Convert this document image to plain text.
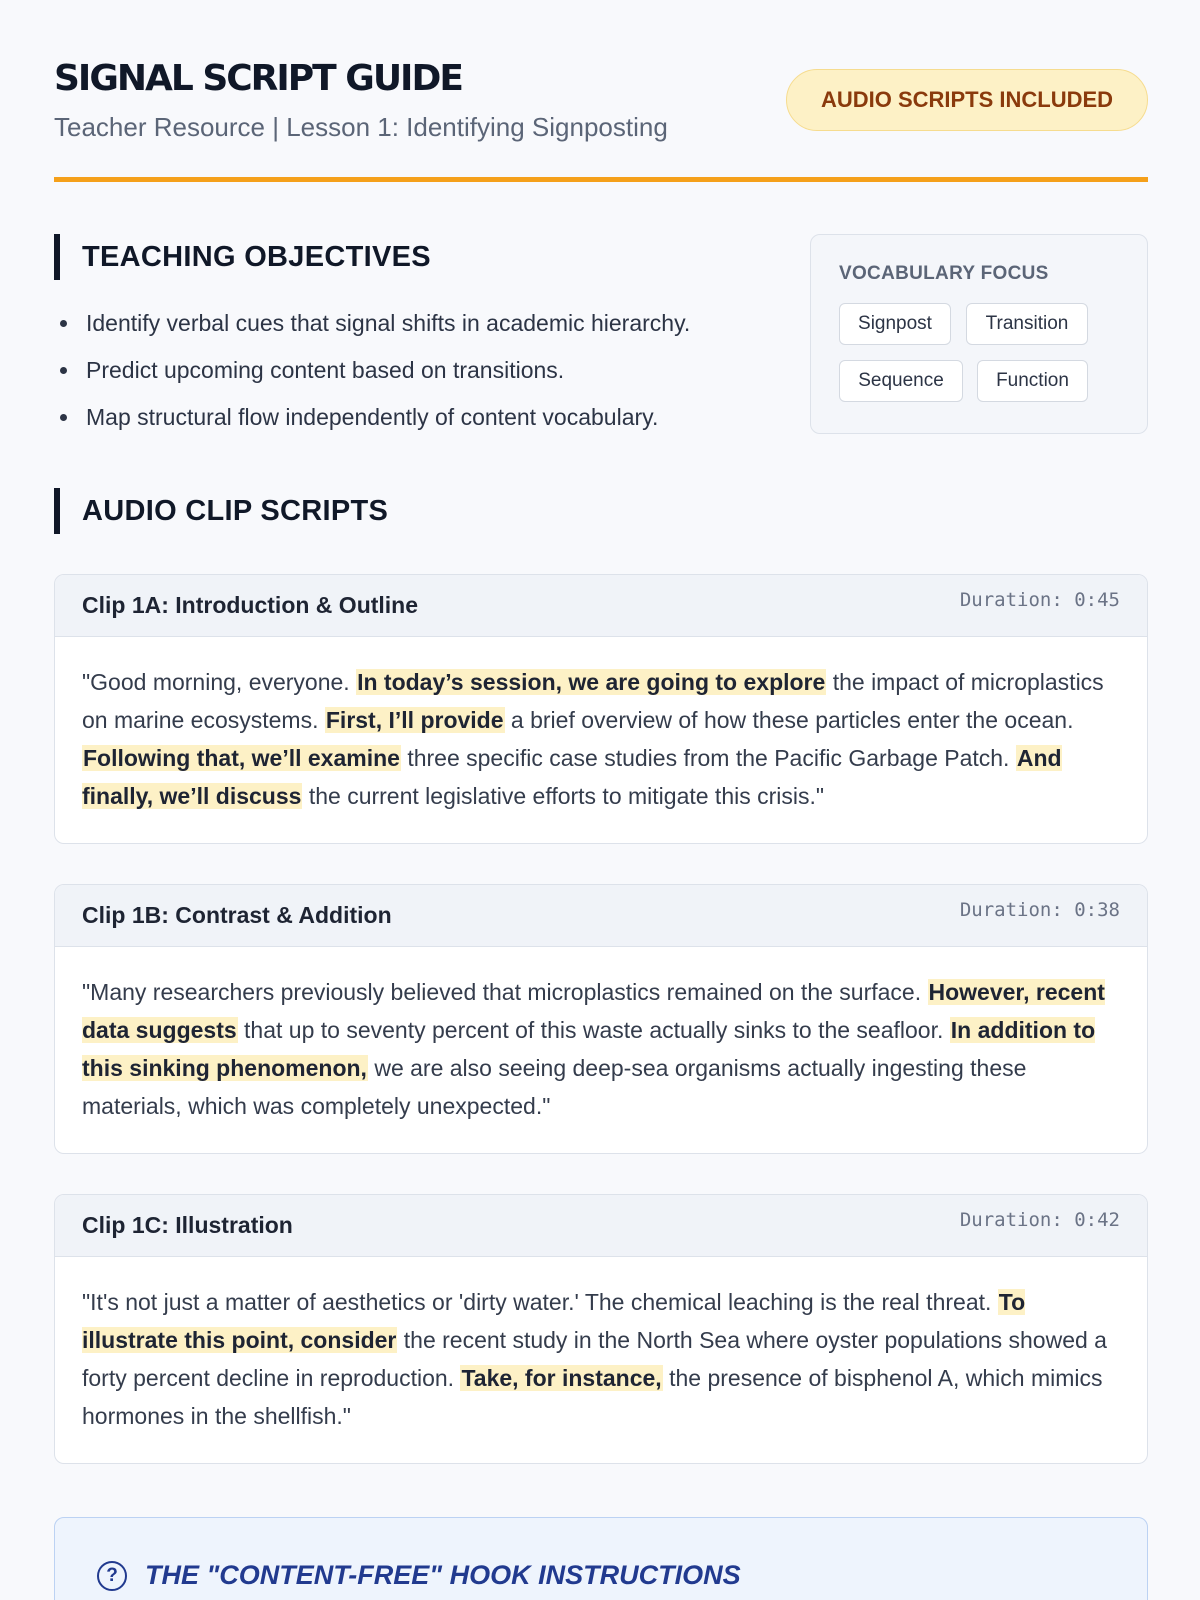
SIGNAL SCRIPT GUIDE
Teacher Resource | Lesson 1: Identifying Signposting
AUDIO SCRIPTS INCLUDED
TEACHING OBJECTIVES
Identify verbal cues that signal shifts in academic hierarchy.
Predict upcoming content based on transitions.
Map structural flow independently of content vocabulary.
VOCABULARY FOCUS
Signpost	Transition
Sequence	Function
AUDIO CLIP SCRIPTS
Clip 1A: Introduction & Outline	Duration: 0:45
"Good morning, everyone. In today’s session, we are going to explore the impact of microplastics on marine ecosystems. First, I’ll provide a brief overview of how these particles enter the ocean. Following that, we’ll examine three specific case studies from the Pacific Garbage Patch. And finally, we’ll discuss the current legislative efforts to mitigate this crisis."
Clip 1B: Contrast & Addition	Duration: 0:38
"Many researchers previously believed that microplastics remained on the surface. However, recent data suggests that up to seventy percent of this waste actually sinks to the seafloor. In addition to this sinking phenomenon, we are also seeing deep-sea organisms actually ingesting these materials, which was completely unexpected."
Clip 1C: Illustration	Duration: 0:42
"It's not just a matter of aesthetics or 'dirty water.' The chemical leaching is the real threat. To illustrate this point, consider the recent study in the North Sea where oyster populations showed a forty percent decline in reproduction. Take, for instance, the presence of bisphenol A, which mimics hormones in the shellfish."
?	THE "CONTENT-FREE" HOOK INSTRUCTIONS
